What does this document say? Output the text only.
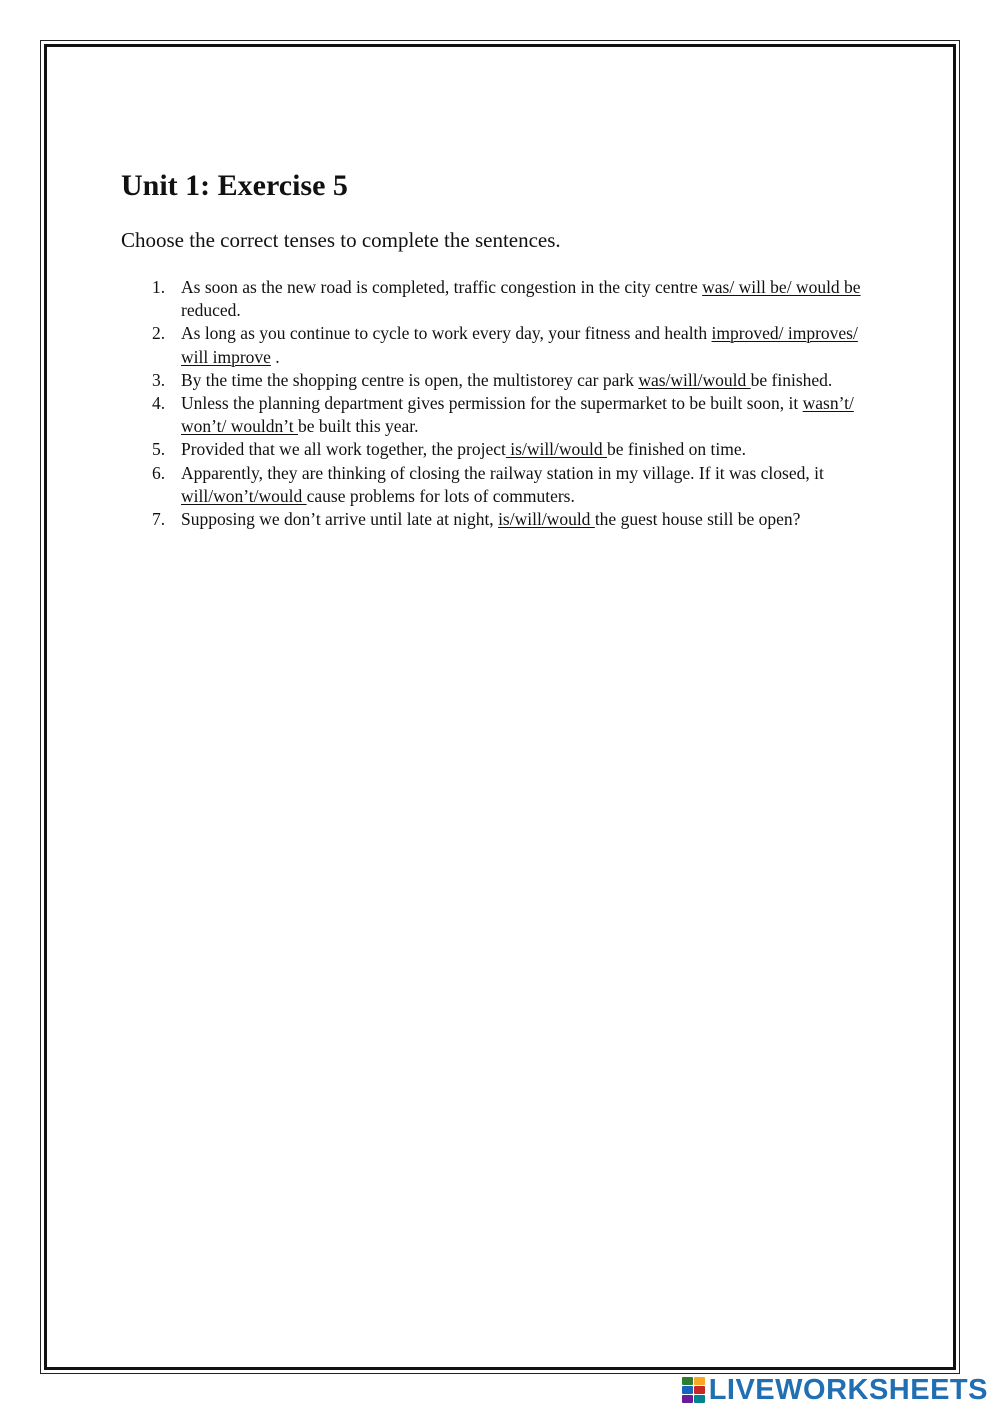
Unit 1: Exercise 5

Choose the correct tenses to complete the sentences.

1. As soon as the new road is completed, traffic congestion in the city centre was/ will be/ would be reduced.
2. As long as you continue to cycle to work every day, your fitness and health improved/ improves/ will improve .
3. By the time the shopping centre is open, the multistorey car park was/will/would be finished.
4. Unless the planning department gives permission for the supermarket to be built soon, it wasn’t/ won’t/ wouldn’t be built this year.
5. Provided that we all work together, the project is/will/would be finished on time.
6. Apparently, they are thinking of closing the railway station in my village. If it was closed, it will/won’t/would cause problems for lots of commuters.
7. Supposing we don’t arrive until late at night, is/will/would the guest house still be open?
LIVEWORKSHEETS
